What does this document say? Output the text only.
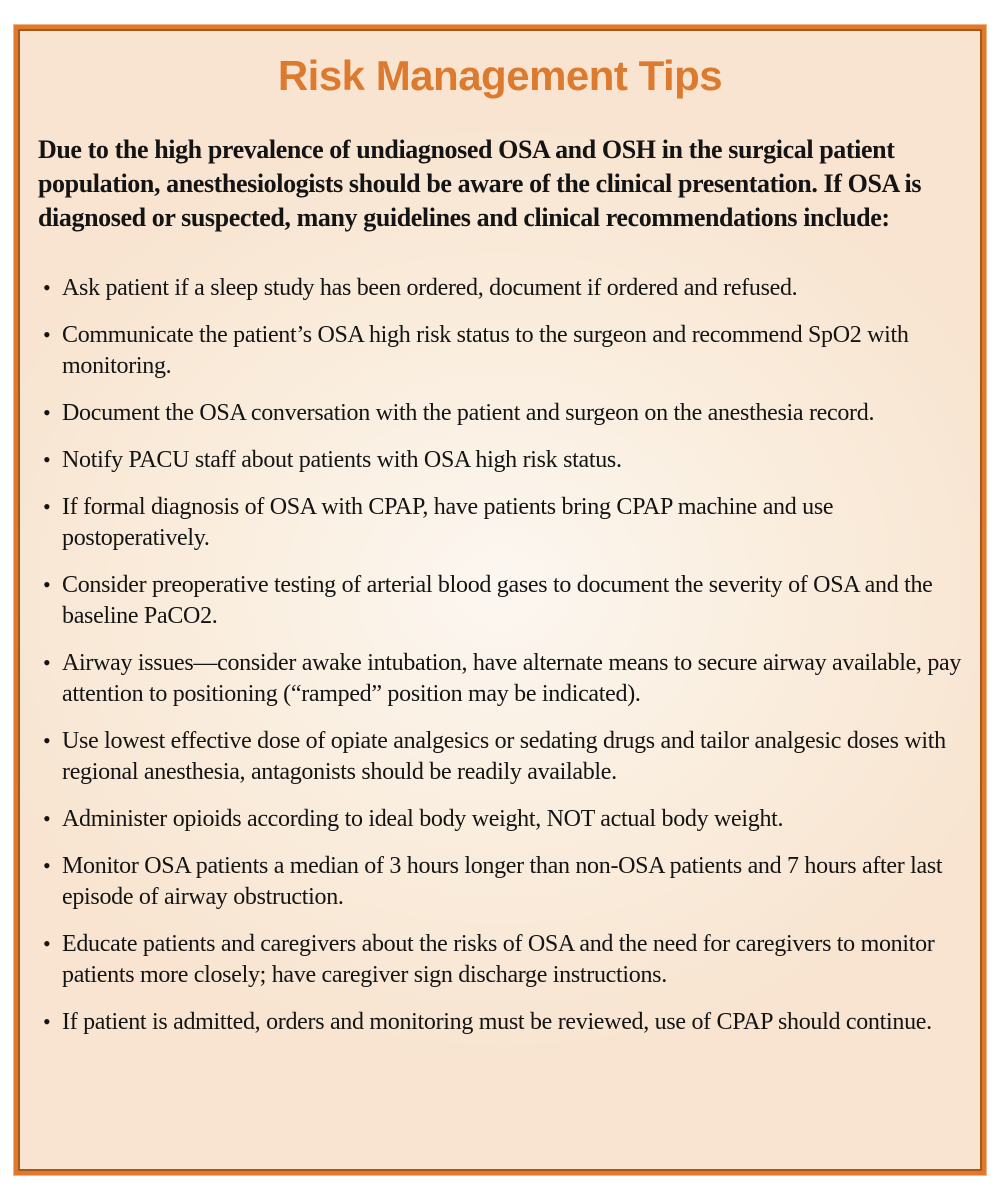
Risk Management Tips

Due to the high prevalence of undiagnosed OSA and OSH in the surgical patient population, anesthesiologists should be aware of the clinical presentation. If OSA is diagnosed or suspected, many guidelines and clinical recommendations include:

• Ask patient if a sleep study has been ordered, document if ordered and refused.
• Communicate the patient’s OSA high risk status to the surgeon and recommend SpO2 with monitoring.
• Document the OSA conversation with the patient and surgeon on the anesthesia record.
• Notify PACU staff about patients with OSA high risk status.
• If formal diagnosis of OSA with CPAP, have patients bring CPAP machine and use postoperatively.
• Consider preoperative testing of arterial blood gases to document the severity of OSA and the baseline PaCO2.
• Airway issues—consider awake intubation, have alternate means to secure airway available, pay attention to positioning (“ramped” position may be indicated).
• Use lowest effective dose of opiate analgesics or sedating drugs and tailor analgesic doses with regional anesthesia, antagonists should be readily available.
• Administer opioids according to ideal body weight, NOT actual body weight.
• Monitor OSA patients a median of 3 hours longer than non-OSA patients and 7 hours after last episode of airway obstruction.
• Educate patients and caregivers about the risks of OSA and the need for caregivers to monitor patients more closely; have caregiver sign discharge instructions.
• If patient is admitted, orders and monitoring must be reviewed, use of CPAP should continue.
